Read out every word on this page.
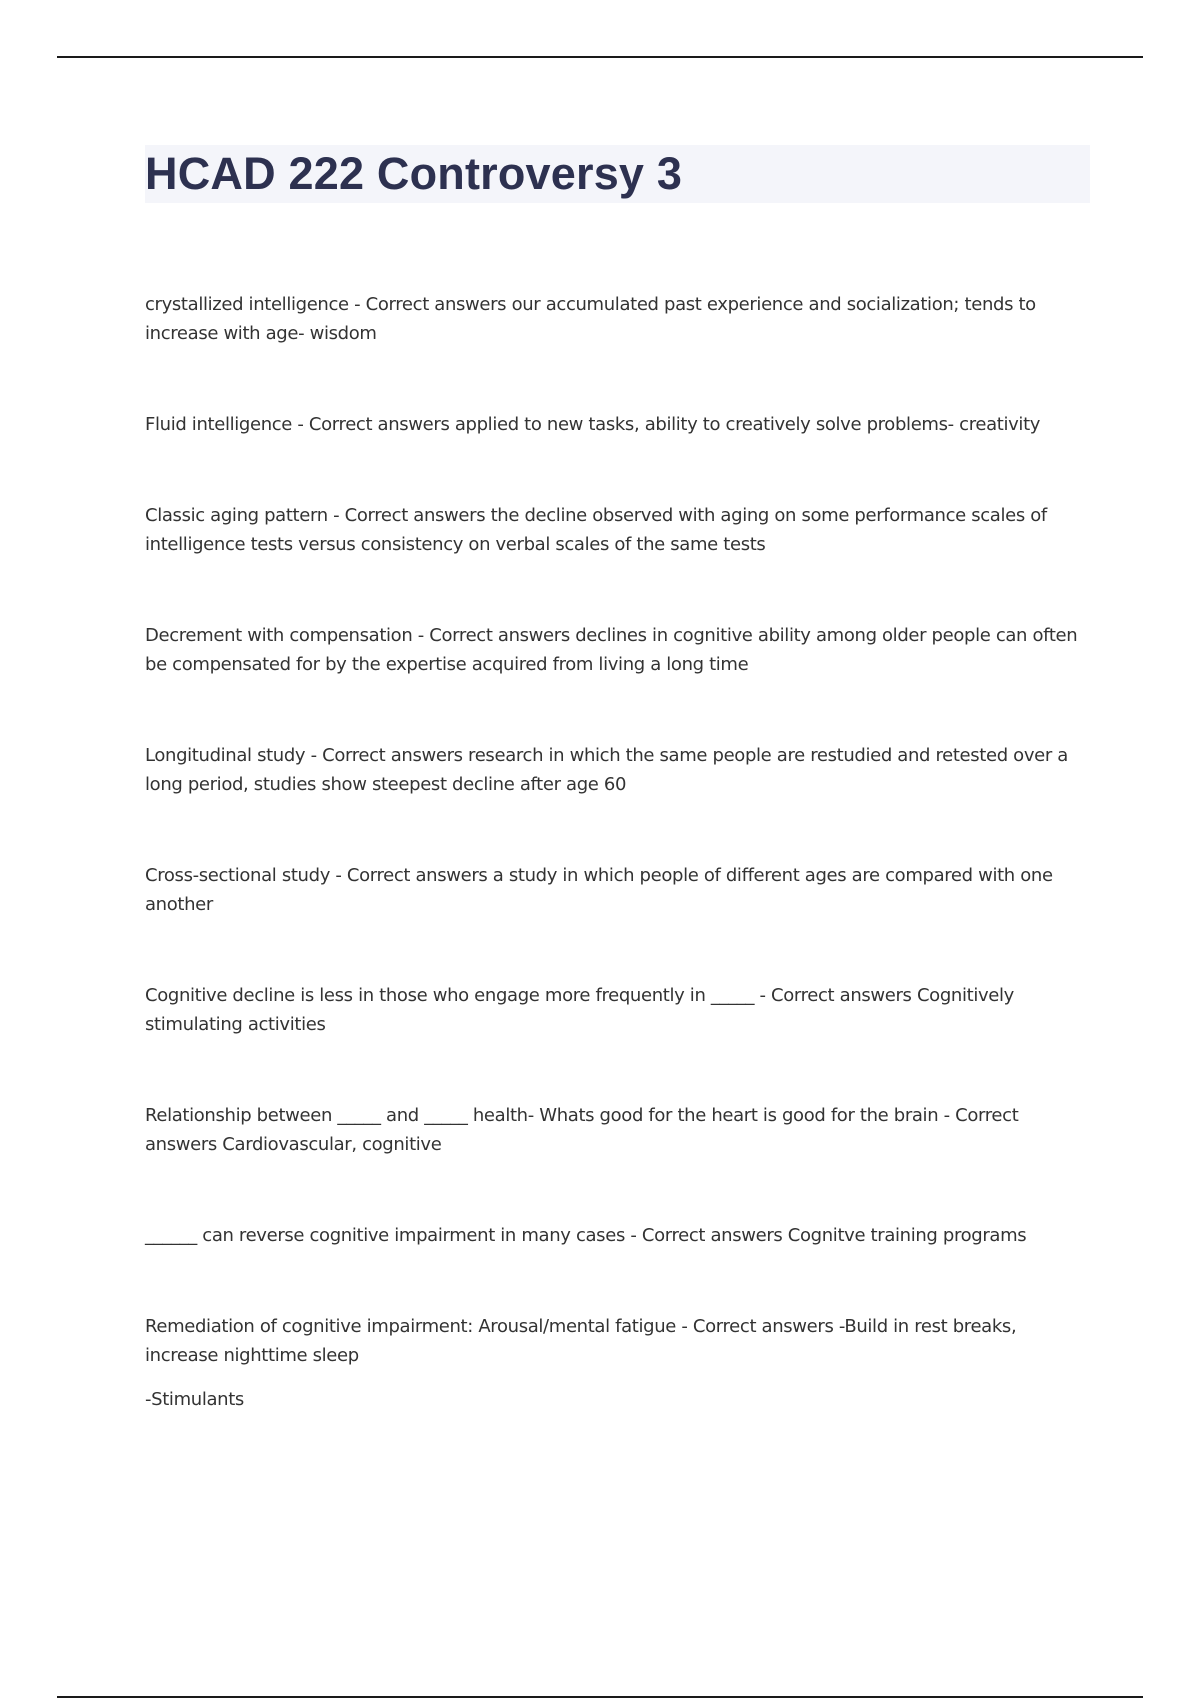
HCAD 222 Controversy 3

crystallized intelligence - Correct answers our accumulated past experience and socialization; tends to increase with age- wisdom

Fluid intelligence - Correct answers applied to new tasks, ability to creatively solve problems- creativity

Classic aging pattern - Correct answers the decline observed with aging on some performance scales of intelligence tests versus consistency on verbal scales of the same tests

Decrement with compensation - Correct answers declines in cognitive ability among older people can often be compensated for by the expertise acquired from living a long time

Longitudinal study - Correct answers research in which the same people are restudied and retested over a long period, studies show steepest decline after age 60

Cross-sectional study - Correct answers a study in which people of different ages are compared with one another

Cognitive decline is less in those who engage more frequently in _____ - Correct answers Cognitively stimulating activities

Relationship between _____ and _____ health- Whats good for the heart is good for the brain - Correct answers Cardiovascular, cognitive

______ can reverse cognitive impairment in many cases - Correct answers Cognitve training programs

Remediation of cognitive impairment: Arousal/mental fatigue - Correct answers -Build in rest breaks, increase nighttime sleep

-Stimulants
